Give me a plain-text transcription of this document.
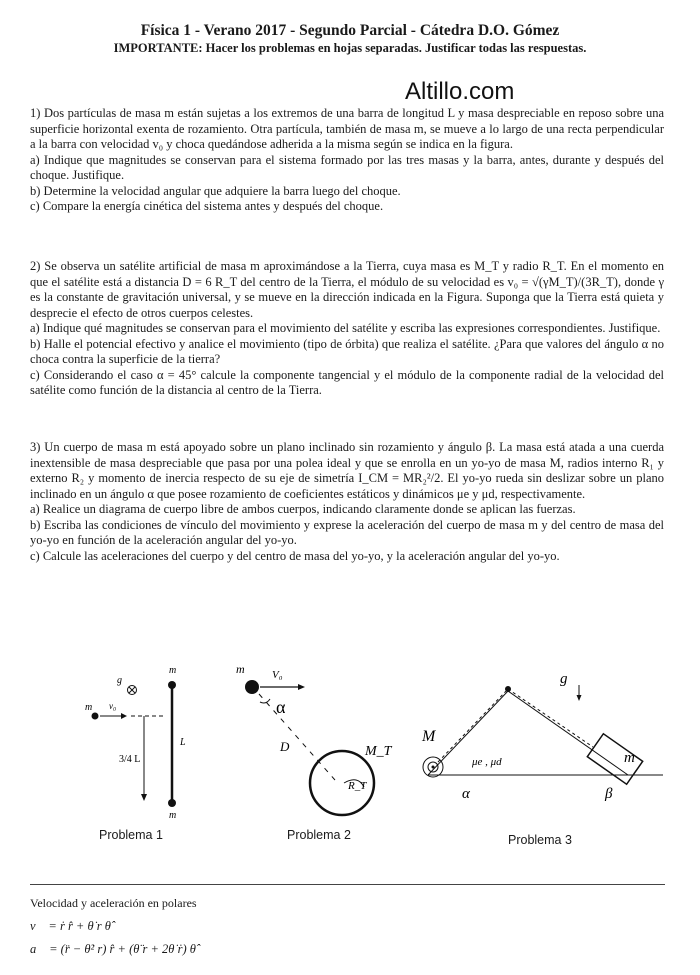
Física 1 - Verano 2017 - Segundo Parcial - Cátedra D.O. Gómez
IMPORTANTE: Hacer los problemas en hojas separadas. Justificar todas las respuestas.
Altillo.com

1) Dos partículas de masa m están sujetas a los extremos de una barra de longitud L y masa despreciable en reposo sobre una superficie horizontal exenta de rozamiento. Otra partícula, también de masa m, se mueve a lo largo de una recta perpendicular a la barra con velocidad v₀ y choca quedándose adherida a la misma según se indica en la figura.

a) Indique que magnitudes se conservan para el sistema formado por las tres masas y la barra, antes, durante y después del choque. Justifique.

b) Determine la velocidad angular que adquiere la barra luego del choque.

c) Compare la energía cinética del sistema antes y después del choque.

2) Se observa un satélite artificial de masa m aproximándose a la Tierra, cuya masa es M_T y radio R_T. En el momento en que el satélite está a distancia D = 6 R_T del centro de la Tierra, el módulo de su velocidad es v₀ = √(γM_T)/(3R_T), donde γ es la constante de gravitación universal, y se mueve en la dirección indicada en la Figura. Suponga que la Tierra está quieta y desprecie el efecto de otros cuerpos celestes.

a) Indique qué magnitudes se conservan para el movimiento del satélite y escriba las expresiones correspondientes. Justifique.

b) Halle el potencial efectivo y analice el movimiento (tipo de órbita) que realiza el satélite. ¿Para que valores del ángulo α no choca contra la superficie de la tierra?

c) Considerando el caso α = 45° calcule la componente tangencial y el módulo de la componente radial de la velocidad del satélite como función de la distancia al centro de la Tierra.

3) Un cuerpo de masa m está apoyado sobre un plano inclinado sin rozamiento y ángulo β. La masa está atada a una cuerda inextensible de masa despreciable que pasa por una polea ideal y que se enrolla en un yo-yo de masa M, radios interno R₁ y externo R₂ y momento de inercia respecto de su eje de simetría I_CM = MR₂²/2. El yo-yo rueda sin deslizar sobre un plano inclinado en un ángulo α que posee rozamiento de coeficientes estáticos y dinámicos μe y μd, respectivamente.

a) Realice un diagrama de cuerpo libre de ambos cuerpos, indicando claramente donde se aplican las fuerzas.

b) Escriba las condiciones de vínculo del movimiento y exprese la aceleración del cuerpo de masa m y del centro de masa del yo-yo en función de la aceleración angular del yo-yo.

c) Calcule las aceleraciones del cuerpo y del centro de masa del yo-yo, y la aceleración angular del yo-yo.

m
m
m v₀
g
3/4 L
L
Problema 1
m V₀
α
D	M_T
R_T
Problema 2
m
M
μe , μd
α	β
g
Problema 3
Velocidad y aceleración en polares
v⃗ = ṙ r̂ + θ̇ r θ̂
a⃗ = (r̈ − θ̇² r) r̂ + (θ̈ r + 2θ̇ ṙ) θ̂
